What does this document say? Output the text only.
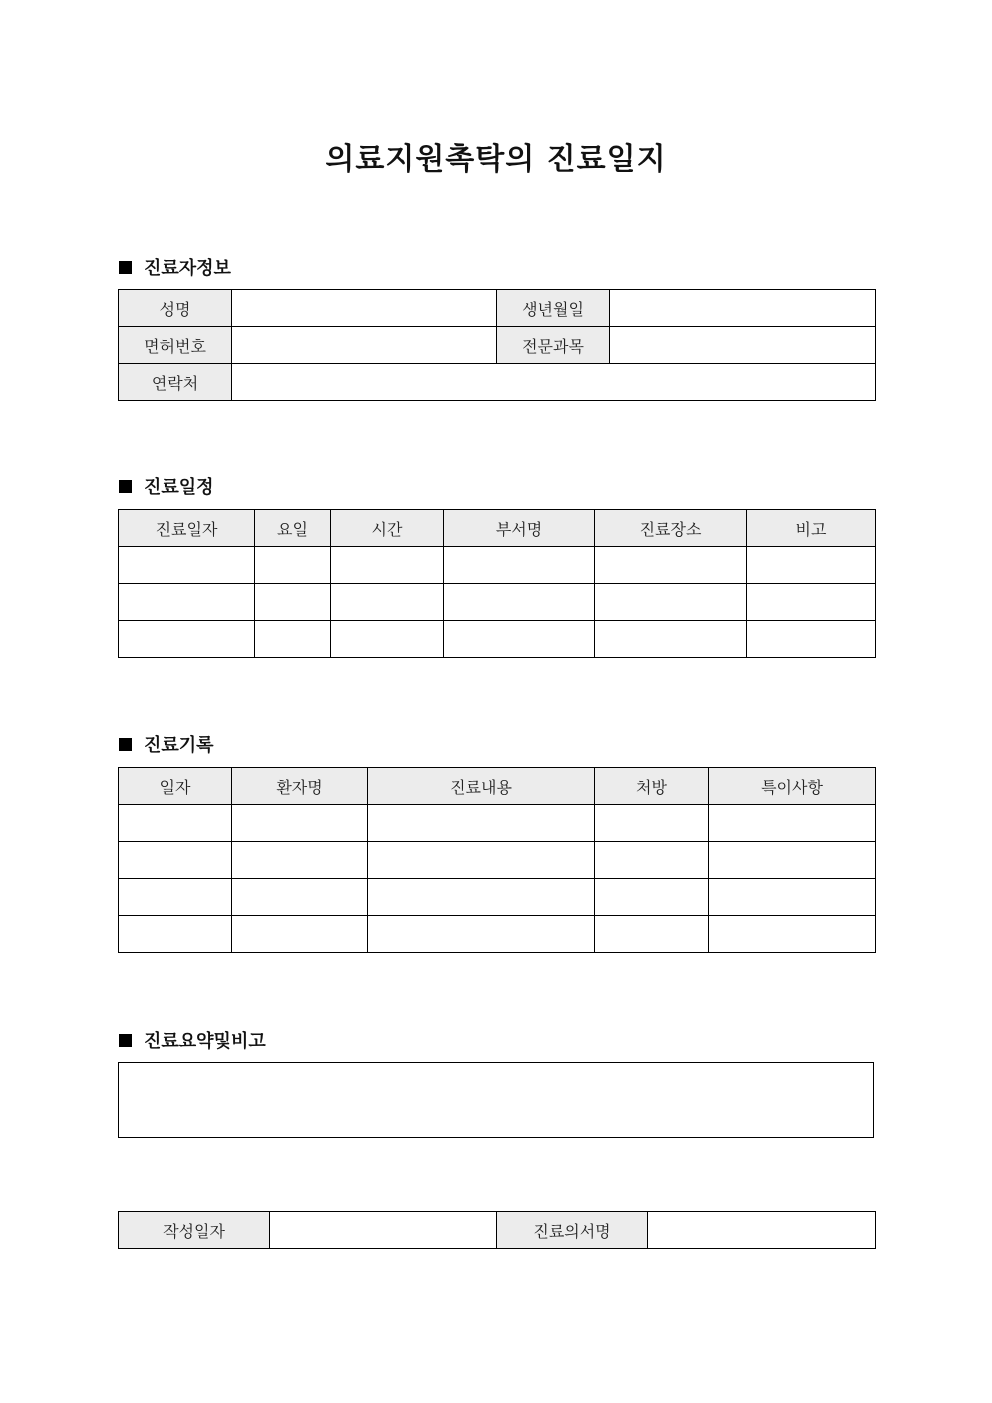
의료지원촉탁의 진료일지
진료자정보
성명		생년월일	
면허번호		전문과목	
연락처			
진료일정
진료일자	요일	시간	부서명	진료장소	비고

진료기록
일자	환자명	진료내용	처방	특이사항

진료요약및비고
작성일자		진료의서명	
